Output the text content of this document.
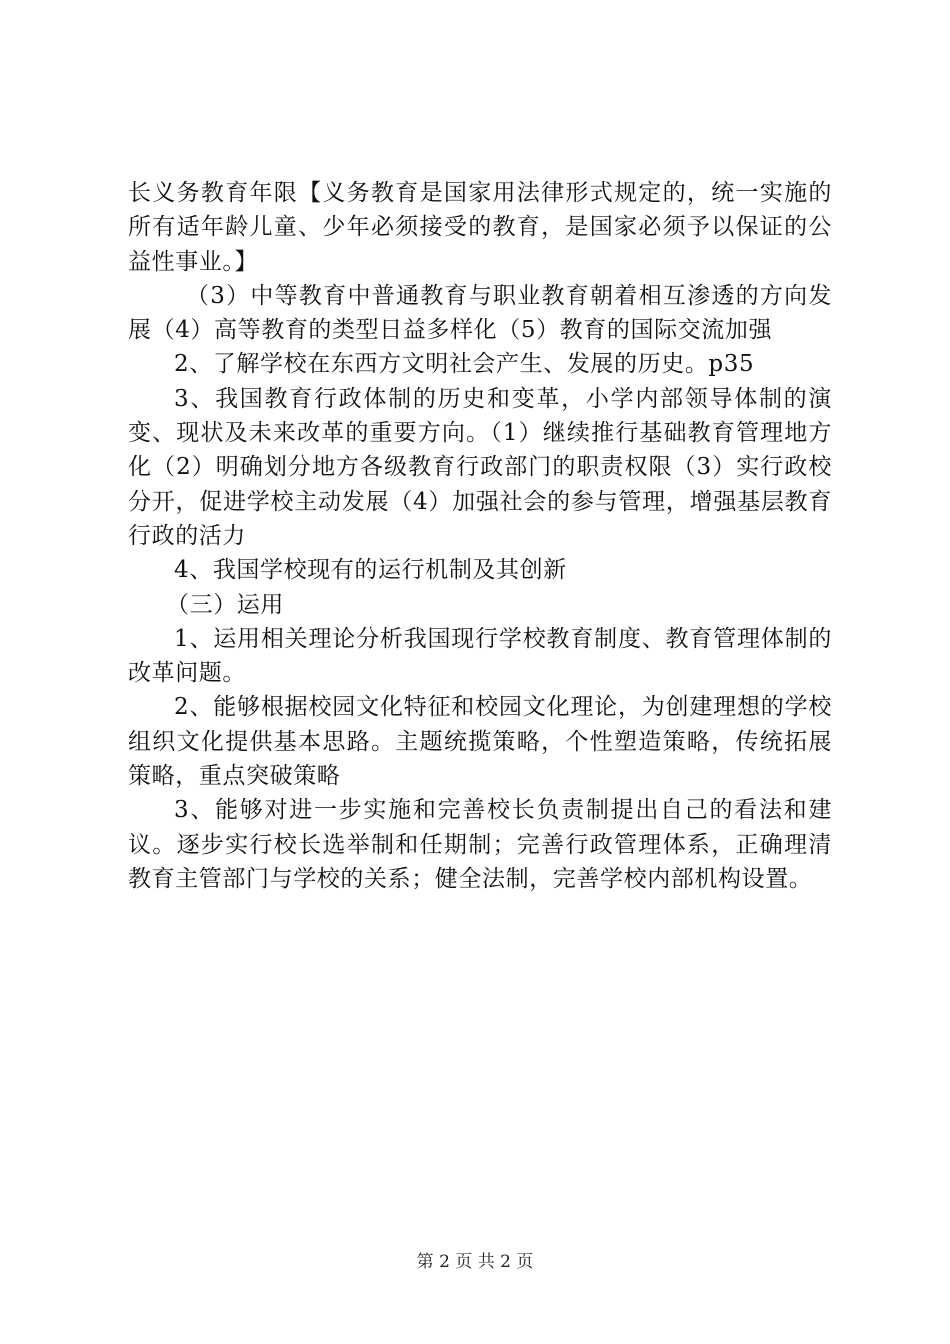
长义务教育年限【义务教育是国家用法律形式规定的，统一实施的所有适年龄儿童、少年必须接受的教育，是国家必须予以保证的公益性事业。】

（3）中等教育中普通教育与职业教育朝着相互渗透的方向发展（4）高等教育的类型日益多样化（5）教育的国际交流加强

2、了解学校在东西方文明社会产生、发展的历史。p35

3、我国教育行政体制的历史和变革，小学内部领导体制的演变、现状及未来改革的重要方向。（1）继续推行基础教育管理地方化（2）明确划分地方各级教育行政部门的职责权限（3）实行政校分开，促进学校主动发展（4）加强社会的参与管理，增强基层教育行政的活力

4、我国学校现有的运行机制及其创新

（三）运用

1、运用相关理论分析我国现行学校教育制度、教育管理体制的改革问题。

2、能够根据校园文化特征和校园文化理论，为创建理想的学校组织文化提供基本思路。主题统揽策略，个性塑造策略，传统拓展策略，重点突破策略

3、能够对进一步实施和完善校长负责制提出自己的看法和建议。逐步实行校长选举制和任期制；完善行政管理体系，正确理清教育主管部门与学校的关系；健全法制，完善学校内部机构设置。

第 2 页 共 2 页
